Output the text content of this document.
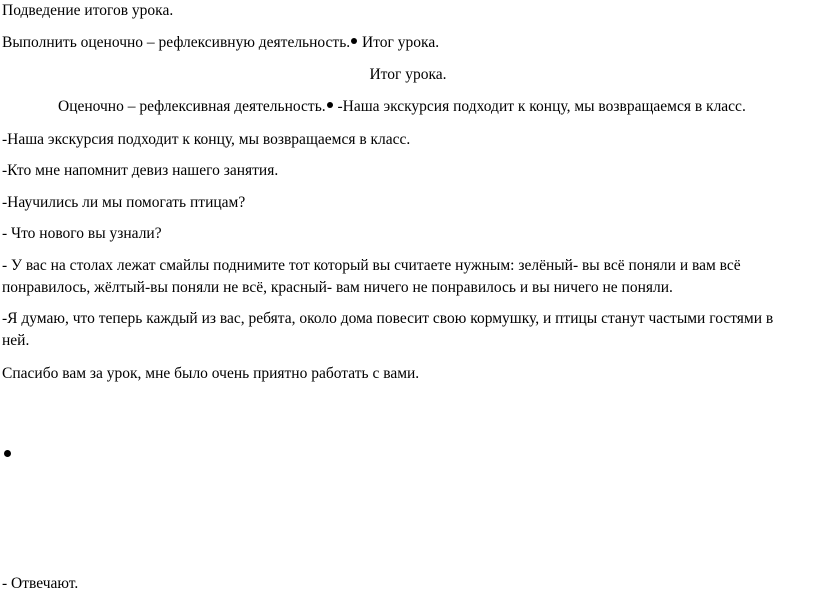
Подведение итогов урока.
Выполнить оценочно – рефлексивную деятельность. Итог урока.
Итог урока.
Оценочно – рефлексивная деятельность. -Наша экскурсия подходит к концу, мы возвращаемся в класс.
-Наша экскурсия подходит к концу, мы возвращаемся в класс.
-Кто мне напомнит девиз нашего занятия.
-Научились ли мы помогать птицам?
- Что нового вы узнали?
- У вас на столах лежат смайлы поднимите тот который вы считаете нужным: зелёный- вы всё поняли и вам всё понравилось, жёлтый-вы поняли не всё, красный- вам ничего не понравилось и вы ничего не поняли.
-Я думаю, что теперь каждый из вас, ребята, около дома повесит свою кормушку, и птицы станут частыми гостями в ней.
Спасибо вам за урок, мне было очень приятно работать с вами.
- Отвечают.
